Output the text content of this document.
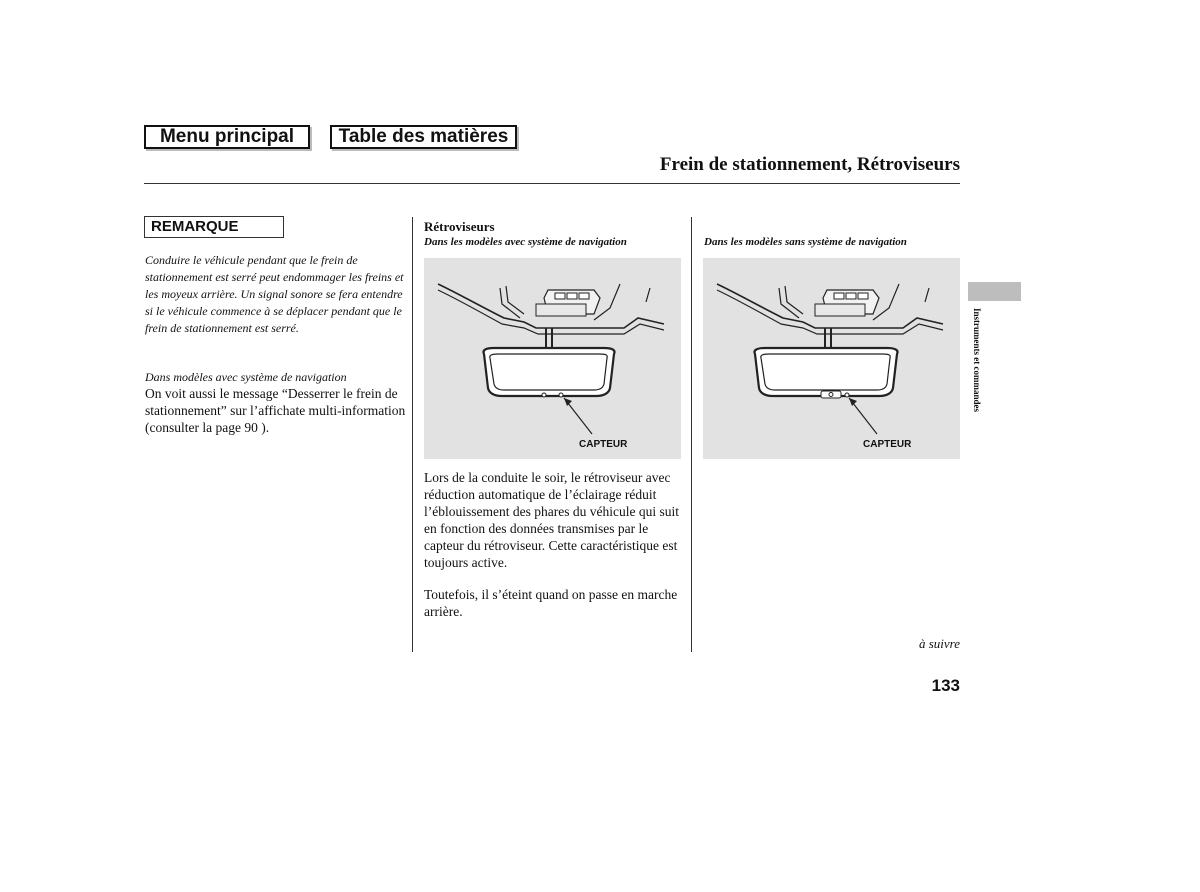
Menu principal	Table des matières
Frein de stationnement, Rétroviseurs
REMARQUE
Conduire le véhicule pendant que le frein de stationnement est serré peut endommager les freins et les moyeux arrière. Un signal sonore se fera entendre si le véhicule commence à se déplacer pendant que le frein de stationnement est serré.
Dans modèles avec système de navigation
On voit aussi le message “Desserrer le frein de stationnement” sur l’affichate multi-information (consulter la page 90 ).
Rétroviseurs
Dans les modèles avec système de navigation	Dans les modèles sans système de navigation
CAPTEUR	CAPTEUR
Lors de la conduite le soir, le rétroviseur avec réduction automatique de l’éclairage réduit l’éblouissement des phares du véhicule qui suit en fonction des données transmises par le capteur du rétroviseur. Cette caractéristique est toujours active.
Toutefois, il s’éteint quand on passe en marche arrière.
Instruments et commandes
à suivre
133
